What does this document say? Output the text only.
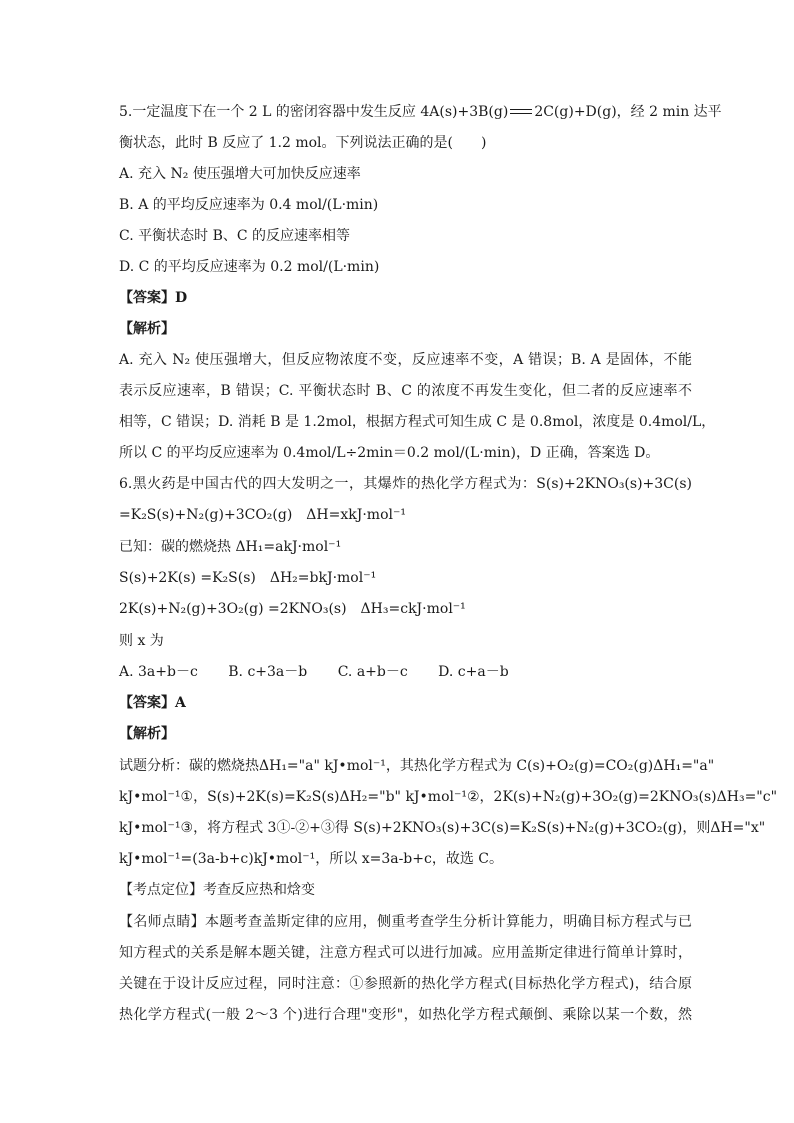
5.一定温度下在一个 2 L 的密闭容器中发生反应 4A(s)+3B(g) 2C(g)+D(g)，经 2 min 达平
衡状态，此时 B 反应了 1.2 mol。下列说法正确的是(　　)
A. 充入 N₂ 使压强增大可加快反应速率
B. A 的平均反应速率为 0.4 mol/(L·min)
C. 平衡状态时 B、C 的反应速率相等
D. C 的平均反应速率为 0.2 mol/(L·min)
【答案】D
【解析】
A. 充入 N₂ 使压强增大，但反应物浓度不变，反应速率不变，A 错误；B. A 是固体，不能
表示反应速率，B 错误；C. 平衡状态时 B、C 的浓度不再发生变化，但二者的反应速率不
相等，C 错误；D. 消耗 B 是 1.2mol，根据方程式可知生成 C 是 0.8mol，浓度是 0.4mol/L，
所以 C 的平均反应速率为 0.4mol/L÷2min＝0.2 mol/(L·min)，D 正确，答案选 D。
6.黑火药是中国古代的四大发明之一，其爆炸的热化学方程式为：S(s)+2KNO₃(s)+3C(s)
=K₂S(s)+N₂(g)+3CO₂(g)　ΔH=xkJ·mol⁻¹
已知：碳的燃烧热 ΔH₁=akJ·mol⁻¹
S(s)+2K(s) =K₂S(s)　ΔH₂=bkJ·mol⁻¹
2K(s)+N₂(g)+3O₂(g) =2KNO₃(s)　ΔH₃=ckJ·mol⁻¹
则 x 为
A. 3a+b－c B. c+3a－b C. a+b－c D. c+a－b
【答案】A
【解析】
试题分析：碳的燃烧热ΔH₁="a" kJ•mol⁻¹，其热化学方程式为 C(s)+O₂(g)=CO₂(g)ΔH₁="a"
kJ•mol⁻¹①，S(s)+2K(s)=K₂S(s)ΔH₂="b" kJ•mol⁻¹②，2K(s)+N₂(g)+3O₂(g)=2KNO₃(s)ΔH₃="c"
kJ•mol⁻¹③，将方程式 3①-②+③得 S(s)+2KNO₃(s)+3C(s)=K₂S(s)+N₂(g)+3CO₂(g)，则ΔH="x"
kJ•mol⁻¹=(3a-b+c)kJ•mol⁻¹，所以 x=3a-b+c，故选 C。
【考点定位】考查反应热和焓变
【名师点睛】本题考查盖斯定律的应用，侧重考查学生分析计算能力，明确目标方程式与已
知方程式的关系是解本题关键，注意方程式可以进行加减。应用盖斯定律进行简单计算时，
关键在于设计反应过程，同时注意：①参照新的热化学方程式(目标热化学方程式)，结合原
热化学方程式(一般 2～3 个)进行合理"变形"，如热化学方程式颠倒、乘除以某一个数，然
